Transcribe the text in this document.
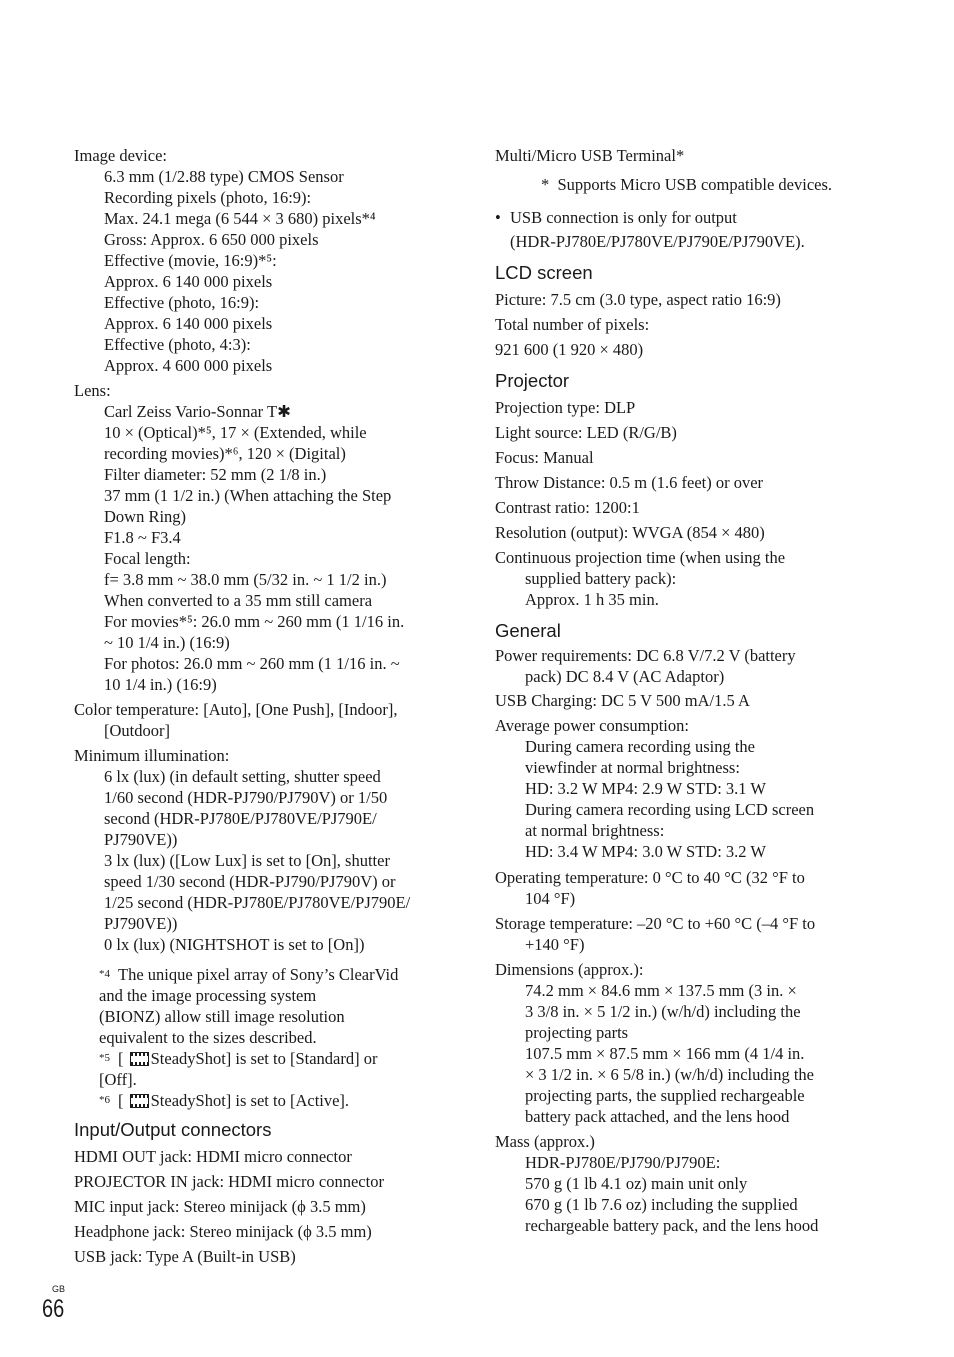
Image device:
6.3 mm (1/2.88 type) CMOS Sensor
Recording pixels (photo, 16:9):
Max. 24.1 mega (6 544 × 3 680) pixels*⁴
Gross: Approx. 6 650 000 pixels
Effective (movie, 16:9)*⁵:
Approx. 6 140 000 pixels
Effective (photo, 16:9):
Approx. 6 140 000 pixels
Effective (photo, 4:3):
Approx. 4 600 000 pixels
Lens:
Carl Zeiss Vario-Sonnar T✱
10 × (Optical)*⁵, 17 × (Extended, while
recording movies)*⁶, 120 × (Digital)
Filter diameter: 52 mm (2 1/8 in.)
37 mm (1 1/2 in.) (When attaching the Step
Down Ring)
F1.8 ~ F3.4
Focal length:
f= 3.8 mm ~ 38.0 mm (5/32 in. ~ 1 1/2 in.)
When converted to a 35 mm still camera
For movies*⁵: 26.0 mm ~ 260 mm (1 1/16 in.
~ 10 1/4 in.) (16:9)
For photos: 26.0 mm ~ 260 mm (1 1/16 in. ~
10 1/4 in.) (16:9)
Color temperature: [Auto], [One Push], [Indoor],
[Outdoor]
Minimum illumination:
6 lx (lux) (in default setting, shutter speed
1/60 second (HDR-PJ790/PJ790V) or 1/50
second (HDR-PJ780E/PJ780VE/PJ790E/
PJ790VE))
3 lx (lux) ([Low Lux] is set to [On], shutter
speed 1/30 second (HDR-PJ790/PJ790V) or
1/25 second (HDR-PJ780E/PJ780VE/PJ790E/
PJ790VE))
0 lx (lux) (NIGHTSHOT is set to [On])
*4 The unique pixel array of Sony’s ClearVid
and the image processing system
(BIONZ) allow still image resolution
equivalent to the sizes described.
*5 [ SteadyShot] is set to [Standard] or
[Off].
*6 [ SteadyShot] is set to [Active].
Input/Output connectors
HDMI OUT jack: HDMI micro connector
PROJECTOR IN jack: HDMI micro connector
MIC input jack: Stereo minijack (ϕ 3.5 mm)
Headphone jack: Stereo minijack (ϕ 3.5 mm)
USB jack: Type A (Built-in USB)
Multi/Micro USB Terminal*
* Supports Micro USB compatible devices.
• USB connection is only for output
(HDR-PJ780E/PJ780VE/PJ790E/PJ790VE).
LCD screen
Picture: 7.5 cm (3.0 type, aspect ratio 16:9)
Total number of pixels:
921 600 (1 920 × 480)
Projector
Projection type: DLP
Light source: LED (R/G/B)
Focus: Manual
Throw Distance: 0.5 m (1.6 feet) or over
Contrast ratio: 1200:1
Resolution (output): WVGA (854 × 480)
Continuous projection time (when using the
supplied battery pack):
Approx. 1 h 35 min.
General
Power requirements: DC 6.8 V/7.2 V (battery
pack) DC 8.4 V (AC Adaptor)
USB Charging: DC 5 V 500 mA/1.5 A
Average power consumption:
During camera recording using the
viewfinder at normal brightness:
HD: 3.2 W MP4: 2.9 W STD: 3.1 W
During camera recording using LCD screen
at normal brightness:
HD: 3.4 W MP4: 3.0 W STD: 3.2 W
Operating temperature: 0 °C to 40 °C (32 °F to
104 °F)
Storage temperature: –20 °C to +60 °C (–4 °F to
+140 °F)
Dimensions (approx.):
74.2 mm × 84.6 mm × 137.5 mm (3 in. ×
3 3/8 in. × 5 1/2 in.) (w/h/d) including the
projecting parts
107.5 mm × 87.5 mm × 166 mm (4 1/4 in.
× 3 1/2 in. × 6 5/8 in.) (w/h/d) including the
projecting parts, the supplied rechargeable
battery pack attached, and the lens hood
Mass (approx.)
HDR-PJ780E/PJ790/PJ790E:
570 g (1 lb 4.1 oz) main unit only
670 g (1 lb 7.6 oz) including the supplied
rechargeable battery pack, and the lens hood
GB
66
